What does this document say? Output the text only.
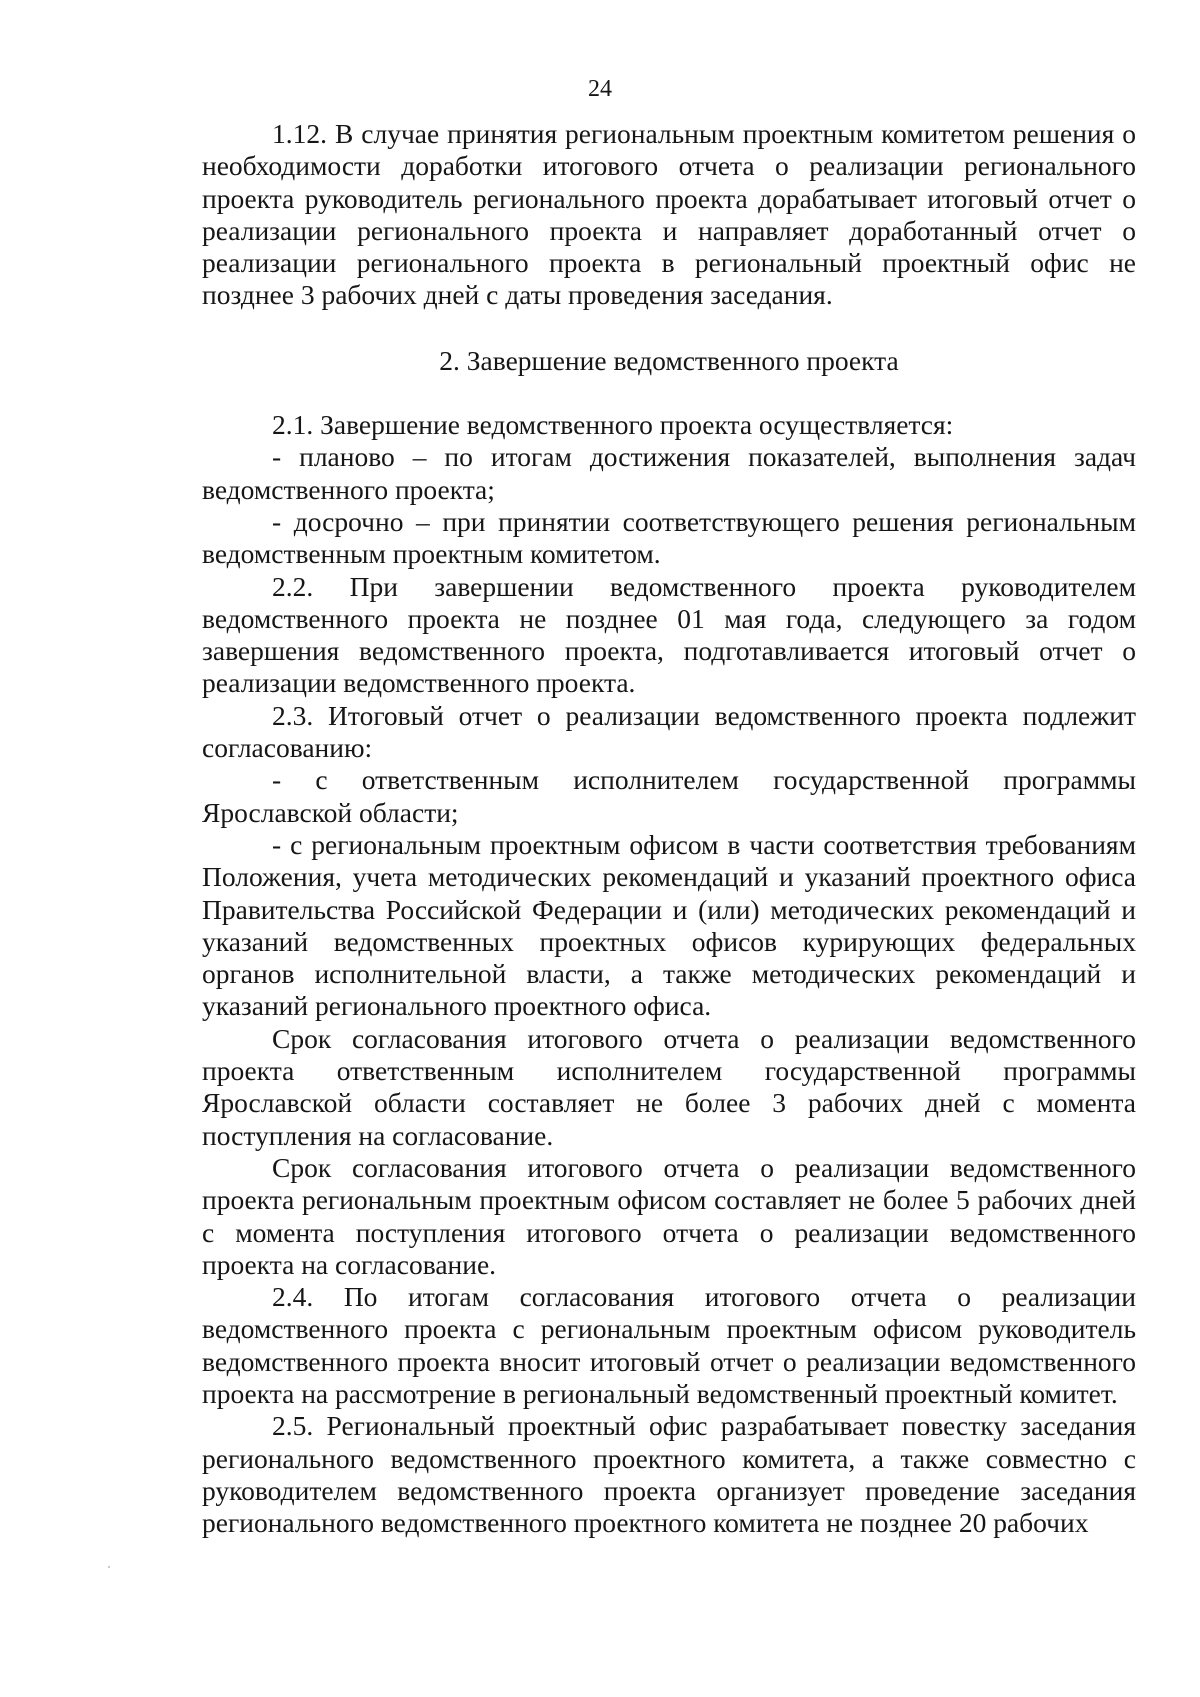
24

1.12. В случае принятия региональным проектным комитетом решения о необходимости доработки итогового отчета о реализации регионального проекта руководитель регионального проекта дорабатывает итоговый отчет о реализации регионального проекта и направляет доработанный отчет о реализации регионального проекта в региональный проектный офис не позднее 3 рабочих дней с даты проведения заседания.

2. Завершение ведомственного проекта

2.1. Завершение ведомственного проекта осуществляется:

- планово – по итогам достижения показателей, выполнения задач ведомственного проекта;

- досрочно – при принятии соответствующего решения региональным ведомственным проектным комитетом.

2.2. При завершении ведомственного проекта руководителем ведомственного проекта не позднее 01 мая года, следующего за годом завершения ведомственного проекта, подготавливается итоговый отчет о реализации ведомственного проекта.

2.3. Итоговый отчет о реализации ведомственного проекта подлежит согласованию:

- с ответственным исполнителем государственной программы Ярославской области;

- с региональным проектным офисом в части соответствия требованиям Положения, учета методических рекомендаций и указаний проектного офиса Правительства Российской Федерации и (или) методических рекомендаций и указаний ведомственных проектных офисов курирующих федеральных органов исполнительной власти, а также методических рекомендаций и указаний регионального проектного офиса.

Срок согласования итогового отчета о реализации ведомственного проекта ответственным исполнителем государственной программы Ярославской области составляет не более 3 рабочих дней с момента поступления на согласование.

Срок согласования итогового отчета о реализации ведомственного проекта региональным проектным офисом составляет не более 5 рабочих дней с момента поступления итогового отчета о реализации ведомственного проекта на согласование.

2.4. По итогам согласования итогового отчета о реализации ведомственного проекта с региональным проектным офисом руководитель ведомственного проекта вносит итоговый отчет о реализации ведомственного проекта на рассмотрение в региональный ведомственный проектный комитет.

2.5. Региональный проектный офис разрабатывает повестку заседания регионального ведомственного проектного комитета, а также совместно с руководителем ведомственного проекта организует проведение заседания регионального ведомственного проектного комитета не позднее 20 рабочих
